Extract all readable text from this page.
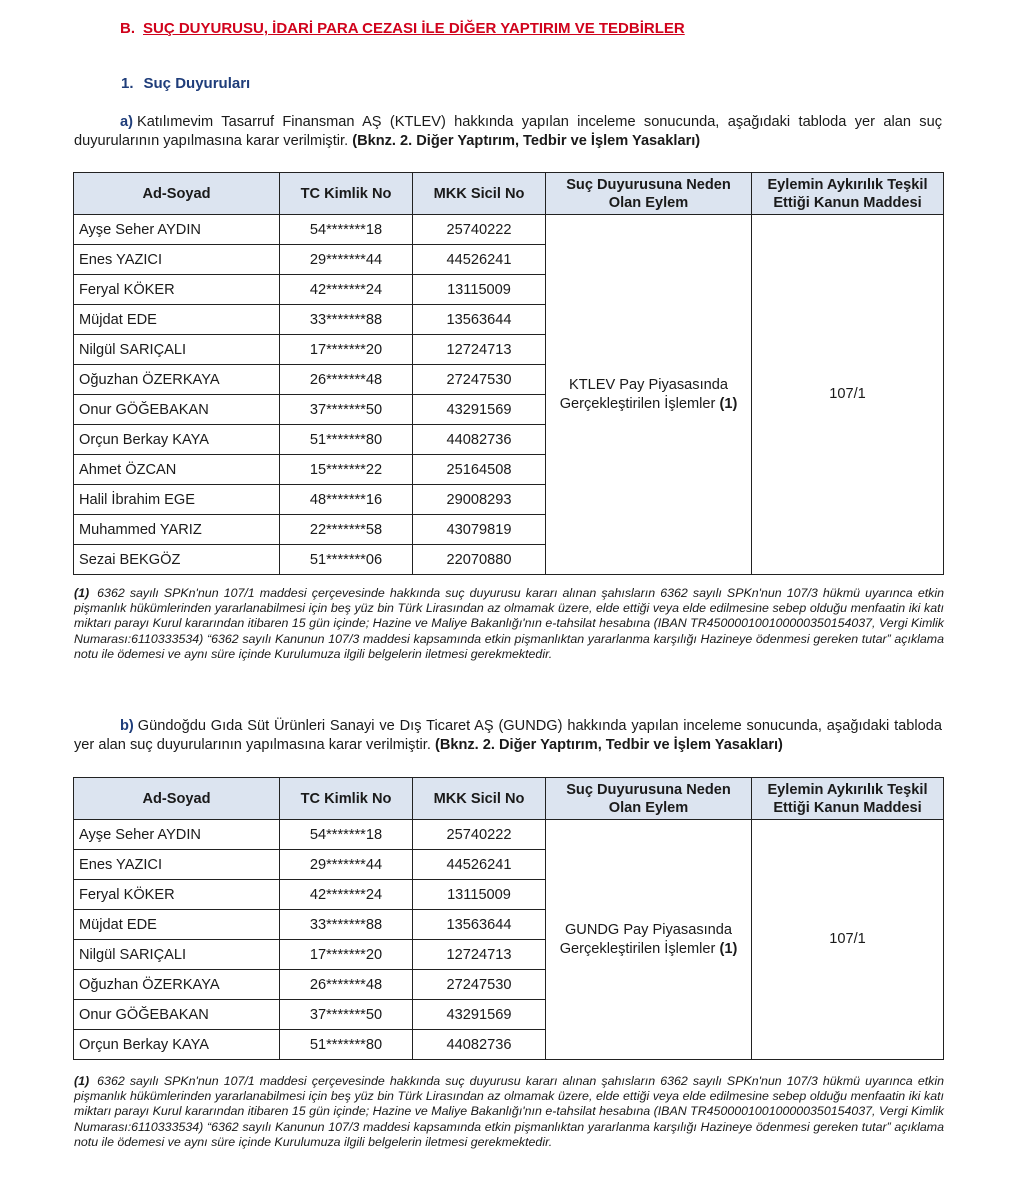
B. SUÇ DUYURUSU, İDARİ PARA CEZASI İLE DİĞER YAPTIRIM VE TEDBİRLER
1. Suç Duyuruları
a) Katılımevim Tasarruf Finansman AŞ (KTLEV) hakkında yapılan inceleme sonucunda, aşağıdaki tabloda yer alan suç duyurularının yapılmasına karar verilmiştir. (Bknz. 2. Diğer Yaptırım, Tedbir ve İşlem Yasakları)
Ad-Soyad	TC Kimlik No	MKK Sicil No	Suç Duyurusuna Neden Olan Eylem	Eylemin Aykırılık Teşkil Ettiği Kanun Maddesi
Ayşe Seher AYDIN	54*******18	25740222	KTLEV Pay Piyasasında Gerçekleştirilen İşlemler (1)	107/1
Enes YAZICI	29*******44	44526241		
Feryal KÖKER	42*******24	13115009		
Müjdat EDE	33*******88	13563644		
Nilgül SARIÇALI	17*******20	12724713		
Oğuzhan ÖZERKAYA	26*******48	27247530		
Onur GÖĞEBAKAN	37*******50	43291569		
Orçun Berkay KAYA	51*******80	44082736		
Ahmet ÖZCAN	15*******22	25164508		
Halil İbrahim EGE	48*******16	29008293		
Muhammed YARIZ	22*******58	43079819		
Sezai BEKGÖZ	51*******06	22070880		
(1) 6362 sayılı SPKn'nun 107/1 maddesi çerçevesinde hakkında suç duyurusu kararı alınan şahısların 6362 sayılı SPKn'nun 107/3 hükmü uyarınca etkin pişmanlık hükümlerinden yararlanabilmesi için beş yüz bin Türk Lirasından az olmamak üzere, elde ettiği veya elde edilmesine sebep olduğu menfaatin iki katı miktarı parayı Kurul kararından itibaren 15 gün içinde; Hazine ve Maliye Bakanlığı'nın e-tahsilat hesabına (IBAN TR450000100100000350154037, Vergi Kimlik Numarası:6110333534) “6362 sayılı Kanunun 107/3 maddesi kapsamında etkin pişmanlıktan yararlanma karşılığı Hazineye ödenmesi gereken tutar” açıklama notu ile ödemesi ve aynı süre içinde Kurulumuza ilgili belgelerin iletmesi gerekmektedir.
b) Gündoğdu Gıda Süt Ürünleri Sanayi ve Dış Ticaret AŞ (GUNDG) hakkında yapılan inceleme sonucunda, aşağıdaki tabloda yer alan suç duyurularının yapılmasına karar verilmiştir. (Bknz. 2. Diğer Yaptırım, Tedbir ve İşlem Yasakları)
Ad-Soyad	TC Kimlik No	MKK Sicil No	Suç Duyurusuna Neden Olan Eylem	Eylemin Aykırılık Teşkil Ettiği Kanun Maddesi
Ayşe Seher AYDIN	54*******18	25740222	GUNDG Pay Piyasasında Gerçekleştirilen İşlemler (1)	107/1
Enes YAZICI	29*******44	44526241		
Feryal KÖKER	42*******24	13115009		
Müjdat EDE	33*******88	13563644		
Nilgül SARIÇALI	17*******20	12724713		
Oğuzhan ÖZERKAYA	26*******48	27247530		
Onur GÖĞEBAKAN	37*******50	43291569		
Orçun Berkay KAYA	51*******80	44082736		
(1) 6362 sayılı SPKn'nun 107/1 maddesi çerçevesinde hakkında suç duyurusu kararı alınan şahısların 6362 sayılı SPKn'nun 107/3 hükmü uyarınca etkin pişmanlık hükümlerinden yararlanabilmesi için beş yüz bin Türk Lirasından az olmamak üzere, elde ettiği veya elde edilmesine sebep olduğu menfaatin iki katı miktarı parayı Kurul kararından itibaren 15 gün içinde; Hazine ve Maliye Bakanlığı'nın e-tahsilat hesabına (IBAN TR450000100100000350154037, Vergi Kimlik Numarası:6110333534) “6362 sayılı Kanunun 107/3 maddesi kapsamında etkin pişmanlıktan yararlanma karşılığı Hazineye ödenmesi gereken tutar” açıklama notu ile ödemesi ve aynı süre içinde Kurulumuza ilgili belgelerin iletmesi gerekmektedir.
